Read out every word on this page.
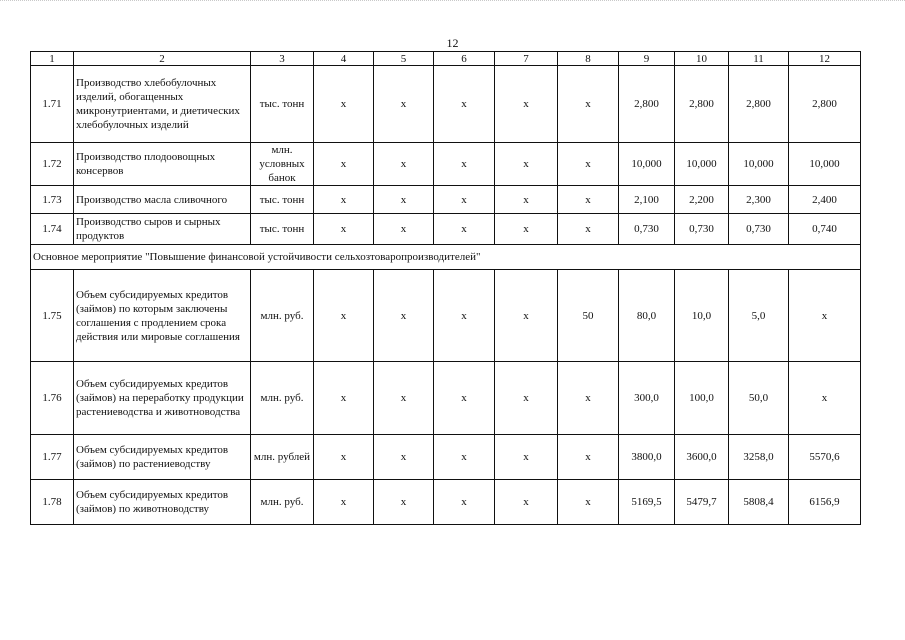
12
1	2	3	4	5	6	7	8	9	10	11	12
1.71	Производство хлебобулочных изделий, обогащенных микронутриентами, и диетических хлебобулочных изделий	тыс. тонн	x	x	x	x	x	2,800	2,800	2,800	2,800
1.72	Производство плодоовощных консервов	млн. условных банок	x	x	x	x	x	10,000	10,000	10,000	10,000
1.73	Производство масла сливочного	тыс. тонн	x	x	x	x	x	2,100	2,200	2,300	2,400
1.74	Производство сыров и сырных продуктов	тыс. тонн	x	x	x	x	x	0,730	0,730	0,730	0,740
Основное мероприятие "Повышение финансовой устойчивости сельхозтоваропроизводителей"											
1.75	Объем субсидируемых кредитов (займов) по которым заключены соглашения с продлением срока действия или мировые соглашения	млн. руб.	x	x	x	x	50	80,0	10,0	5,0	x
1.76	Объем субсидируемых кредитов (займов) на переработку продукции растениеводства и животноводства	млн. руб.	x	x	x	x	x	300,0	100,0	50,0	x
1.77	Объем субсидируемых кредитов (займов) по растениеводству	млн. рублей	x	x	x	x	x	3800,0	3600,0	3258,0	5570,6
1.78	Объем субсидируемых кредитов (займов) по животноводству	млн. руб.	x	x	x	x	x	5169,5	5479,7	5808,4	6156,9
